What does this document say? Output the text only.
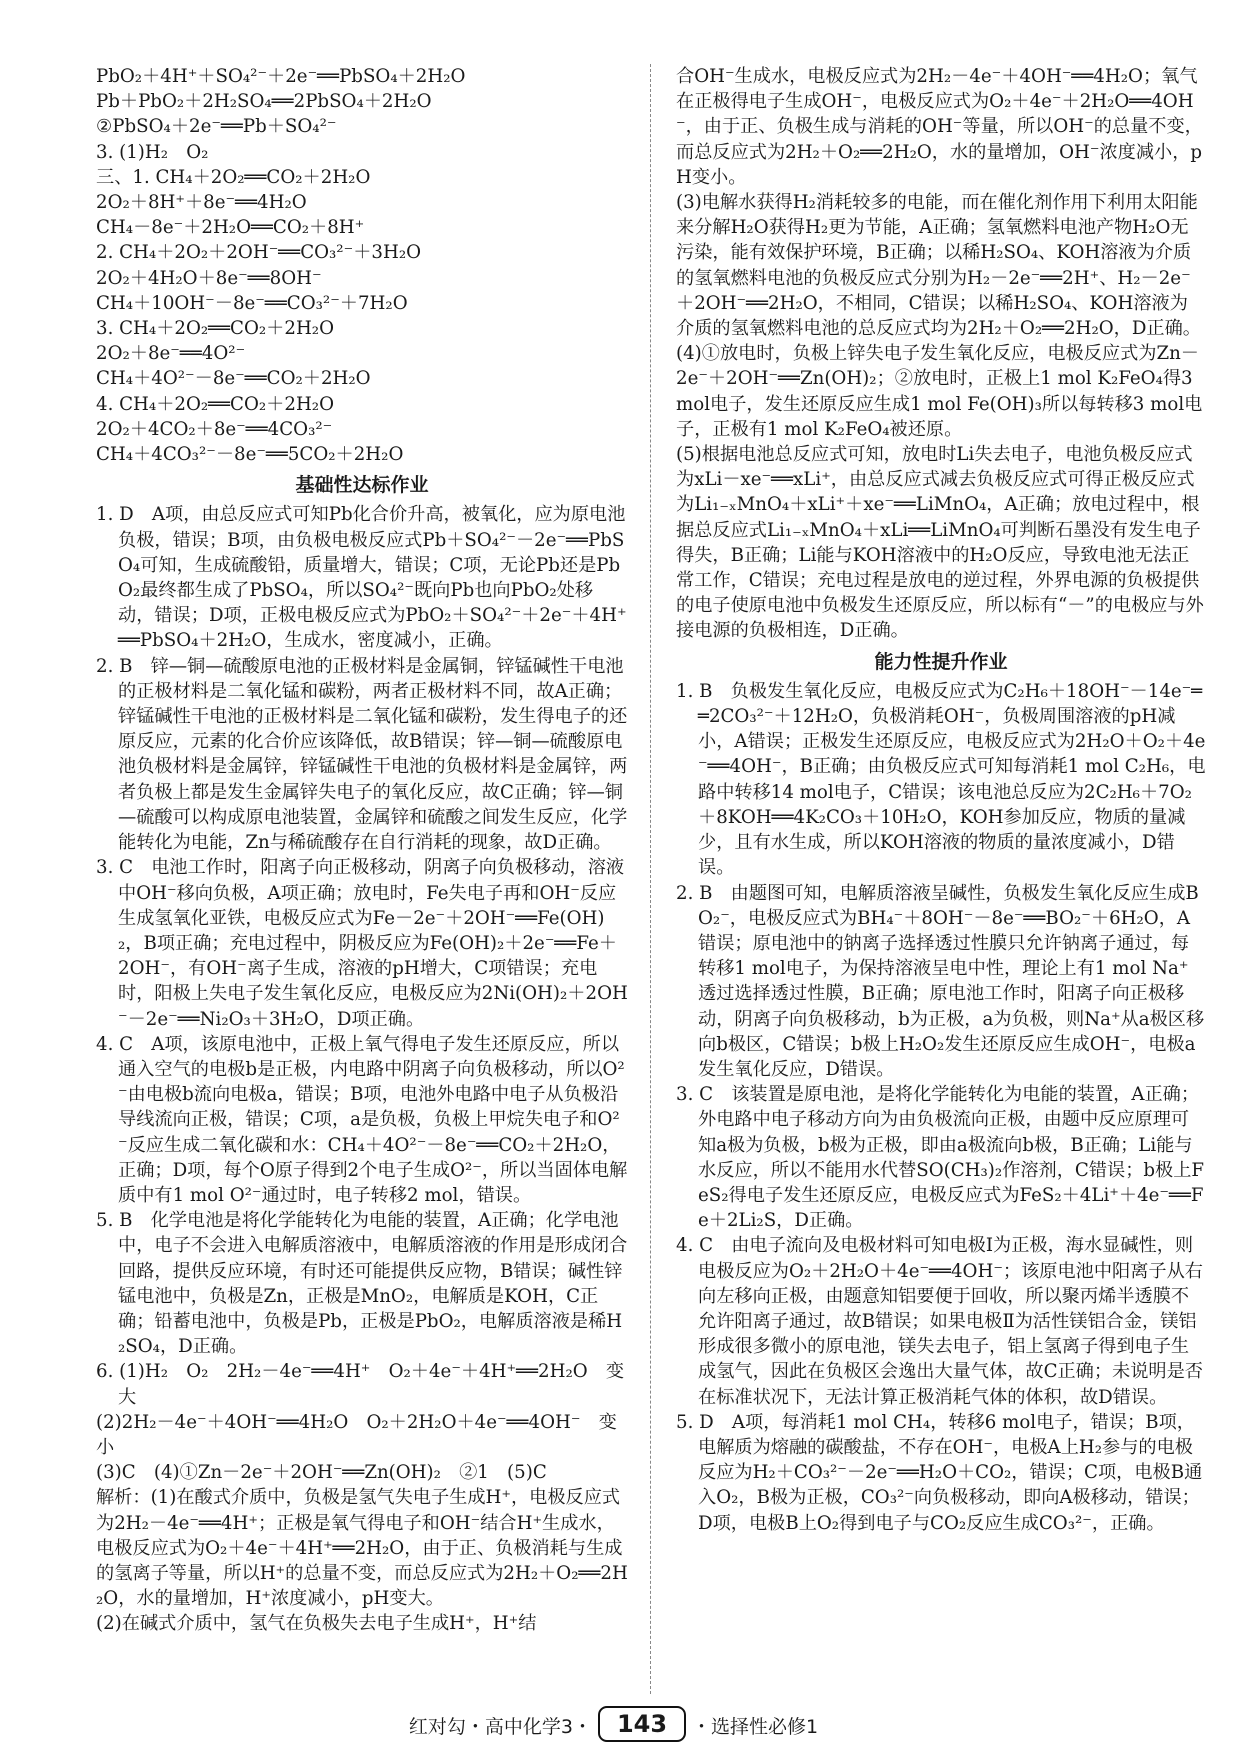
PbO₂＋4H⁺＋SO₄²⁻＋2e⁻══PbSO₄＋2H₂O

Pb＋PbO₂＋2H₂SO₄══2PbSO₄＋2H₂O

②PbSO₄＋2e⁻══Pb＋SO₄²⁻

3. (1)H₂　O₂

三、1. CH₄＋2O₂══CO₂＋2H₂O

2O₂＋8H⁺＋8e⁻══4H₂O

CH₄－8e⁻＋2H₂O══CO₂＋8H⁺

2. CH₄＋2O₂＋2OH⁻══CO₃²⁻＋3H₂O

2O₂＋4H₂O＋8e⁻══8OH⁻

CH₄＋10OH⁻－8e⁻══CO₃²⁻＋7H₂O

3. CH₄＋2O₂══CO₂＋2H₂O

2O₂＋8e⁻══4O²⁻

CH₄＋4O²⁻－8e⁻══CO₂＋2H₂O

4. CH₄＋2O₂══CO₂＋2H₂O

2O₂＋4CO₂＋8e⁻══4CO₃²⁻

CH₄＋4CO₃²⁻－8e⁻══5CO₂＋2H₂O

基础性达标作业

1. D　A项，由总反应式可知Pb化合价升高，被氧化，应为原电池负极，错误；B项，由负极电极反应式Pb＋SO₄²⁻－2e⁻══PbSO₄可知，生成硫酸铅，质量增大，错误；C项，无论Pb还是PbO₂最终都生成了PbSO₄，所以SO₄²⁻既向Pb也向PbO₂处移动，错误；D项，正极电极反应式为PbO₂＋SO₄²⁻＋2e⁻＋4H⁺══PbSO₄＋2H₂O，生成水，密度减小，正确。

2. B　锌—铜—硫酸原电池的正极材料是金属铜，锌锰碱性干电池的正极材料是二氧化锰和碳粉，两者正极材料不同，故A正确；锌锰碱性干电池的正极材料是二氧化锰和碳粉，发生得电子的还原反应，元素的化合价应该降低，故B错误；锌—铜—硫酸原电池负极材料是金属锌，锌锰碱性干电池的负极材料是金属锌，两者负极上都是发生金属锌失电子的氧化反应，故C正确；锌—铜—硫酸可以构成原电池装置，金属锌和硫酸之间发生反应，化学能转化为电能，Zn与稀硫酸存在自行消耗的现象，故D正确。

3. C　电池工作时，阳离子向正极移动，阴离子向负极移动，溶液中OH⁻移向负极，A项正确；放电时，Fe失电子再和OH⁻反应生成氢氧化亚铁，电极反应式为Fe－2e⁻＋2OH⁻══Fe(OH)₂，B项正确；充电过程中，阴极反应为Fe(OH)₂＋2e⁻══Fe＋2OH⁻，有OH⁻离子生成，溶液的pH增大，C项错误；充电时，阳极上失电子发生氧化反应，电极反应为2Ni(OH)₂＋2OH⁻－2e⁻══Ni₂O₃＋3H₂O，D项正确。

4. C　A项，该原电池中，正极上氧气得电子发生还原反应，所以通入空气的电极b是正极，内电路中阴离子向负极移动，所以O²⁻由电极b流向电极a，错误；B项，电池外电路中电子从负极沿导线流向正极，错误；C项，a是负极，负极上甲烷失电子和O²⁻反应生成二氧化碳和水：CH₄＋4O²⁻－8e⁻══CO₂＋2H₂O，正确；D项，每个O原子得到2个电子生成O²⁻，所以当固体电解质中有1 mol O²⁻通过时，电子转移2 mol，错误。

5. B　化学电池是将化学能转化为电能的装置，A正确；化学电池中，电子不会进入电解质溶液中，电解质溶液的作用是形成闭合回路，提供反应环境，有时还可能提供反应物，B错误；碱性锌锰电池中，负极是Zn，正极是MnO₂，电解质是KOH，C正确；铅蓄电池中，负极是Pb，正极是PbO₂，电解质溶液是稀H₂SO₄，D正确。

6. (1)H₂　O₂　2H₂－4e⁻══4H⁺　O₂＋4e⁻＋4H⁺══2H₂O　变大

(2)2H₂－4e⁻＋4OH⁻══4H₂O　O₂＋2H₂O＋4e⁻══4OH⁻　变小

(3)C　(4)①Zn－2e⁻＋2OH⁻══Zn(OH)₂　②1　(5)C

解析：(1)在酸式介质中，负极是氢气失电子生成H⁺，电极反应式为2H₂－4e⁻══4H⁺；正极是氧气得电子和OH⁻结合H⁺生成水，电极反应式为O₂＋4e⁻＋4H⁺══2H₂O，由于正、负极消耗与生成的氢离子等量，所以H⁺的总量不变，而总反应式为2H₂＋O₂══2H₂O，水的量增加，H⁺浓度减小，pH变大。

(2)在碱式介质中，氢气在负极失去电子生成H⁺，H⁺结

合OH⁻生成水，电极反应式为2H₂－4e⁻＋4OH⁻══4H₂O；氧气在正极得电子生成OH⁻，电极反应式为O₂＋4e⁻＋2H₂O══4OH⁻，由于正、负极生成与消耗的OH⁻等量，所以OH⁻的总量不变，而总反应式为2H₂＋O₂══2H₂O，水的量增加，OH⁻浓度减小，pH变小。

(3)电解水获得H₂消耗较多的电能，而在催化剂作用下利用太阳能来分解H₂O获得H₂更为节能，A正确；氢氧燃料电池产物H₂O无污染，能有效保护环境，B正确；以稀H₂SO₄、KOH溶液为介质的氢氧燃料电池的负极反应式分别为H₂－2e⁻══2H⁺、H₂－2e⁻＋2OH⁻══2H₂O，不相同，C错误；以稀H₂SO₄、KOH溶液为介质的氢氧燃料电池的总反应式均为2H₂＋O₂══2H₂O，D正确。

(4)①放电时，负极上锌失电子发生氧化反应，电极反应式为Zn－2e⁻＋2OH⁻══Zn(OH)₂；②放电时，正极上1 mol K₂FeO₄得3 mol电子，发生还原反应生成1 mol Fe(OH)₃所以每转移3 mol电子，正极有1 mol K₂FeO₄被还原。

(5)根据电池总反应式可知，放电时Li失去电子，电池负极反应式为xLi－xe⁻══xLi⁺，由总反应式减去负极反应式可得正极反应式为Li₁₋ₓMnO₄＋xLi⁺＋xe⁻══LiMnO₄，A正确；放电过程中，根据总反应式Li₁₋ₓMnO₄＋xLi══LiMnO₄可判断石墨没有发生电子得失，B正确；Li能与KOH溶液中的H₂O反应，导致电池无法正常工作，C错误；充电过程是放电的逆过程，外界电源的负极提供的电子使原电池中负极发生还原反应，所以标有“－”的电极应与外接电源的负极相连，D正确。

能力性提升作业

1. B　负极发生氧化反应，电极反应式为C₂H₆＋18OH⁻－14e⁻══2CO₃²⁻＋12H₂O，负极消耗OH⁻，负极周围溶液的pH减小，A错误；正极发生还原反应，电极反应式为2H₂O＋O₂＋4e⁻══4OH⁻，B正确；由负极反应式可知每消耗1 mol C₂H₆，电路中转移14 mol电子，C错误；该电池总反应为2C₂H₆＋7O₂＋8KOH══4K₂CO₃＋10H₂O，KOH参加反应，物质的量减少，且有水生成，所以KOH溶液的物质的量浓度减小，D错误。

2. B　由题图可知，电解质溶液呈碱性，负极发生氧化反应生成BO₂⁻，电极反应式为BH₄⁻＋8OH⁻－8e⁻══BO₂⁻＋6H₂O，A错误；原电池中的钠离子选择透过性膜只允许钠离子通过，每转移1 mol电子，为保持溶液呈电中性，理论上有1 mol Na⁺透过选择透过性膜，B正确；原电池工作时，阳离子向正极移动，阴离子向负极移动，b为正极，a为负极，则Na⁺从a极区移向b极区，C错误；b极上H₂O₂发生还原反应生成OH⁻，电极a发生氧化反应，D错误。

3. C　该装置是原电池，是将化学能转化为电能的装置，A正确；外电路中电子移动方向为由负极流向正极，由题中反应原理可知a极为负极，b极为正极，即由a极流向b极，B正确；Li能与水反应，所以不能用水代替SO(CH₃)₂作溶剂，C错误；b极上FeS₂得电子发生还原反应，电极反应式为FeS₂＋4Li⁺＋4e⁻══Fe＋2Li₂S，D正确。

4. C　由电子流向及电极材料可知电极Ⅰ为正极，海水显碱性，则电极反应为O₂＋2H₂O＋4e⁻══4OH⁻；该原电池中阳离子从右向左移向正极，由题意知铝要便于回收，所以聚丙烯半透膜不允许阳离子通过，故B错误；如果电极Ⅱ为活性镁铝合金，镁铝形成很多微小的原电池，镁失去电子，铝上氢离子得到电子生成氢气，因此在负极区会逸出大量气体，故C正确；未说明是否在标准状况下，无法计算正极消耗气体的体积，故D错误。

5. D　A项，每消耗1 mol CH₄，转移6 mol电子，错误；B项，电解质为熔融的碳酸盐，不存在OH⁻，电极A上H₂参与的电极反应为H₂＋CO₃²⁻－2e⁻══H₂O＋CO₂，错误；C项，电极B通入O₂，B极为正极，CO₃²⁻向负极移动，即向A极移动，错误；D项，电极B上O₂得到电子与CO₂反应生成CO₃²⁻，正确。

红对勾・高中化学3・	143	・选择性必修1
